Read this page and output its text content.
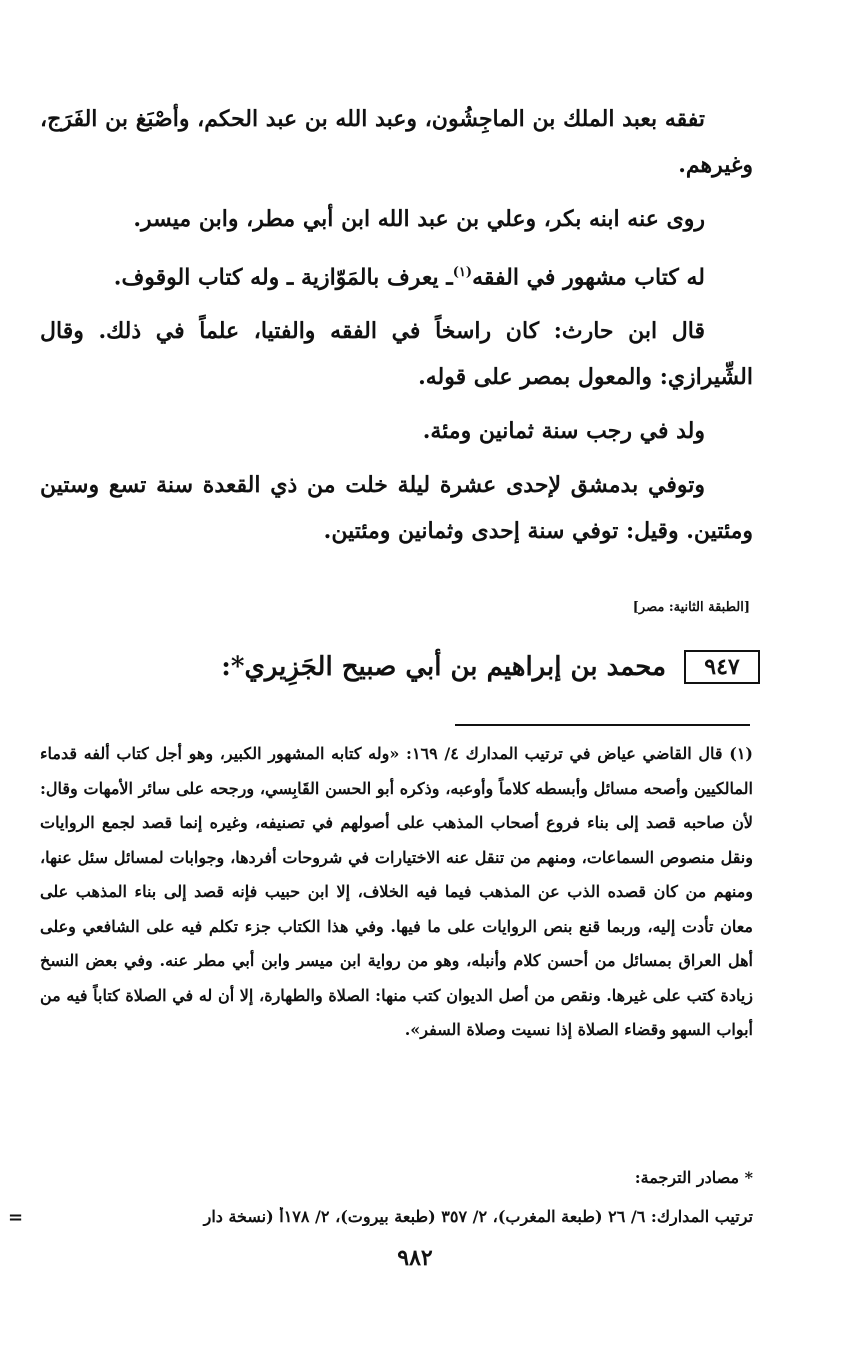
تفقه بعبد الملك بن الماجِشُون، وعبد الله بن عبد الحكم، وأصْبَغ بن الفَرَج، وغيرهم.

روى عنه ابنه بكر، وعلي بن عبد الله ابن أبي مطر، وابن ميسر.

له كتاب مشهور في الفقه$^{(١)}$ـ يعرف بالمَوّازية ـ وله كتاب الوقوف.

قال ابن حارث: كان راسخاً في الفقه والفتيا، علماً في ذلك. وقال الشِّيرازي: والمعول بمصر على قوله.

ولد في رجب سنة ثمانين ومئة.

وتوفي بدمشق لإحدى عشرة ليلة خلت من ذي القعدة سنة تسع وستين ومئتين. وقيل: توفي سنة إحدى وثمانين ومئتين.

[الطبقة الثانية: مصر]
٩٤٧
محمد بن إبراهيم بن أبي صبيح الجَزِيري*:

(١) قال القاضي عياض في ترتيب المدارك ٤/ ١٦٩: «وله كتابه المشهور الكبير، وهو أجل كتاب ألفه قدماء المالكيين وأصحه مسائل وأبسطه كلاماً وأوعبه، وذكره أبو الحسن القَابِسي، ورجحه على سائر الأمهات وقال: لأن صاحبه قصد إلى بناء فروع أصحاب المذهب على أصولهم في تصنيفه، وغيره إنما قصد لجمع الروايات ونقل منصوص السماعات، ومنهم من تنقل عنه الاختيارات في شروحات أفردها، وجوابات لمسائل سئل عنها، ومنهم من كان قصده الذب عن المذهب فيما فيه الخلاف، إلا ابن حبيب فإنه قصد إلى بناء المذهب على معان تأدت إليه، وربما قنع بنص الروايات على ما فيها. وفي هذا الكتاب جزء تكلم فيه على الشافعي وعلى أهل العراق بمسائل من أحسن كلام وأنبله، وهو من رواية ابن ميسر وابن أبي مطر عنه. وفي بعض النسخ زيادة كتب على غيرها. ونقص من أصل الديوان كتب منها: الصلاة والطهارة، إلا أن له في الصلاة كتاباً فيه من أبواب السهو وقضاء الصلاة إذا نسيت وصلاة السفر».

* مصادر الترجمة:
ترتيب المدارك: ٦/ ٢٦ (طبعة المغرب)، ٢/ ٣٥٧ (طبعة بيروت)، ٢/ ١٧٨أ (نسخة دار
=
٩٨٢
